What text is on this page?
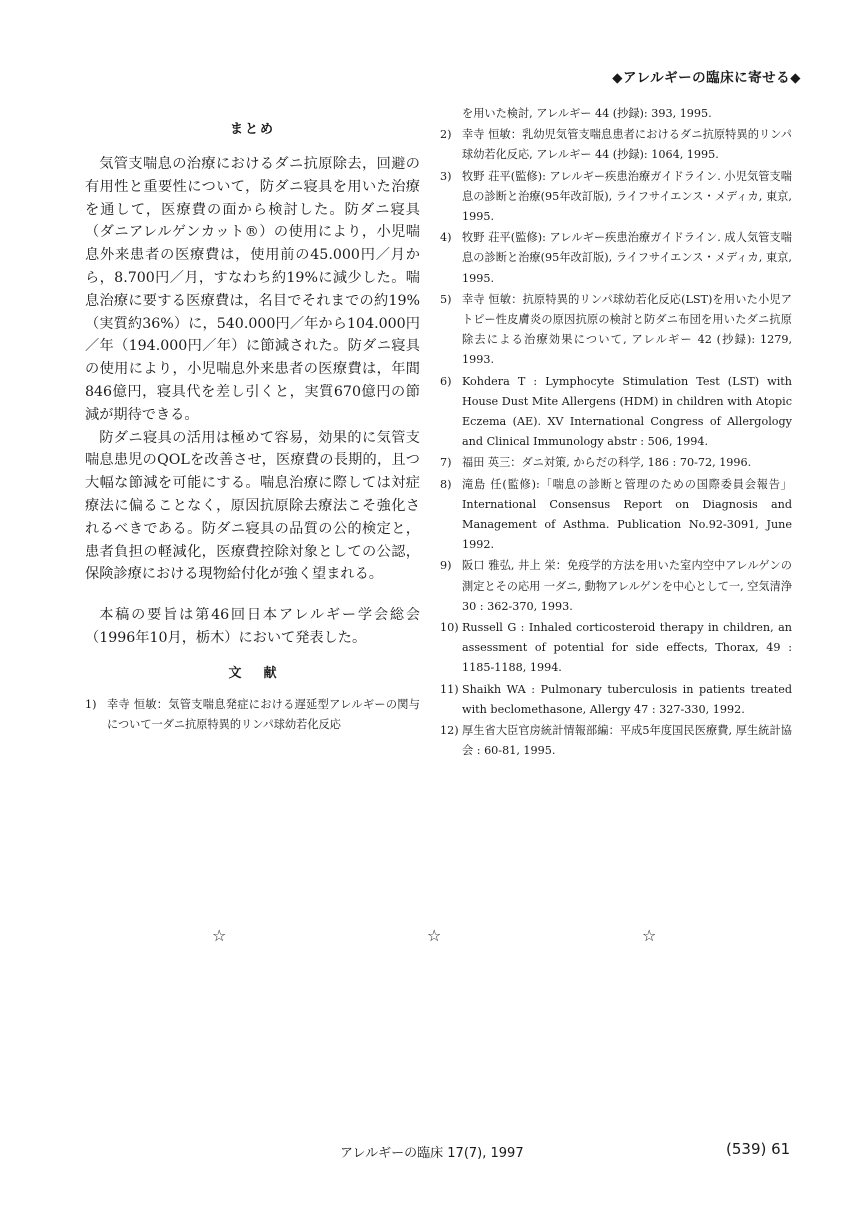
◆アレルギーの臨床に寄せる◆
まとめ

気管支喘息の治療におけるダニ抗原除去，回避の有用性と重要性について，防ダニ寝具を用いた治療を通して，医療費の面から検討した。防ダニ寝具（ダニアレルゲンカット®）の使用により，小児喘息外来患者の医療費は，使用前の45.000円／月から，8.700円／月，すなわち約19%に減少した。喘息治療に要する医療費は，名目でそれまでの約19%（実質約36%）に，540.000円／年から104.000円／年（194.000円／年）に節減された。防ダニ寝具の使用により，小児喘息外来患者の医療費は，年間846億円，寝具代を差し引くと，実質670億円の節減が期待できる。

防ダニ寝具の活用は極めて容易，効果的に気管支喘息患児のQOLを改善させ，医療費の長期的，且つ大幅な節減を可能にする。喘息治療に際しては対症療法に偏ることなく，原因抗原除去療法こそ強化されるべきである。防ダニ寝具の品質の公的検定と，患者負担の軽減化，医療費控除対象としての公認，保険診療における現物給付化が強く望まれる。

本稿の要旨は第46回日本アレルギー学会総会（1996年10月，栃木）において発表した。

文献
1) 幸寺 恒敏：気管支喘息発症における遅延型アレルギーの関与について一ダニ抗原特異的リンパ球幼若化反応
を用いた検討, アレルギー 44 (抄録): 393, 1995.
2) 幸寺 恒敏：乳幼児気管支喘息患者におけるダニ抗原特異的リンパ球幼若化反応, アレルギー 44 (抄録): 1064, 1995.
3) 牧野 荘平(監修): アレルギー疾患治療ガイドライン. 小児気管支喘息の診断と治療(95年改訂版), ライフサイエンス・メディカ, 東京, 1995.
4) 牧野 荘平(監修): アレルギー疾患治療ガイドライン. 成人気管支喘息の診断と治療(95年改訂版), ライフサイエンス・メディカ, 東京, 1995.
5) 幸寺 恒敏：抗原特異的リンパ球幼若化反応(LST)を用いた小児アトピー性皮膚炎の原因抗原の検討と防ダニ布団を用いたダニ抗原除去による治療効果について, アレルギー 42 (抄録): 1279, 1993.
6) Kohdera T : Lymphocyte Stimulation Test (LST) with House Dust Mite Allergens (HDM) in children with Atopic Eczema (AE). XV International Congress of Allergology and Clinical Immunology abstr : 506, 1994.
7) 福田 英三：ダニ対策, からだの科学, 186 : 70-72, 1996.
8) 滝島 任(監修):「喘息の診断と管理のための国際委員会報告」 International Consensus Report on Diagnosis and Management of Asthma. Publication No.92-3091, June 1992.
9) 阪口 雅弘, 井上 栄：免疫学的方法を用いた室内空中アレルゲンの測定とその応用 一ダニ, 動物アレルゲンを中心として一, 空気清浄 30 : 362-370, 1993.
10) Russell G : Inhaled corticosteroid therapy in children, an assessment of potential for side effects, Thorax, 49 : 1185-1188, 1994.
11) Shaikh WA : Pulmonary tuberculosis in patients treated with beclomethasone, Allergy 47 : 327-330, 1992.
12) 厚生省大臣官房統計情報部編：平成5年度国民医療費, 厚生統計協会 : 60-81, 1995.
☆	☆	☆
アレルギーの臨床 17(7), 1997	(539) 61
